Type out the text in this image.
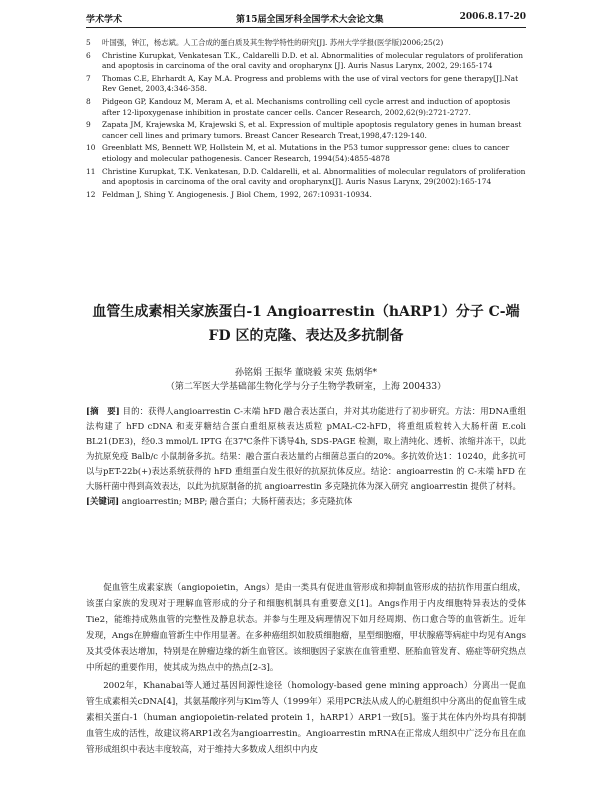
学术学术	第15届全国牙科全国学术大会论文集	2006.8.17-20
5	叶国强，钟江，杨志斌。人工合成的蛋白质及其生物学特性的研究[J]. 苏州大学学报(医学版)2006;25(2)
6	Christine Kurupkat, Venkatesan T.K., Caldarelli D.D. et al. Abnormalities of molecular regulators of proliferation and apoptosis in carcinoma of the oral cavity and oropharynx [J]. Auris Nasus Larynx, 2002, 29:165-174
7	Thomas C.E, Ehrhardt A, Kay M.A. Progress and problems with the use of viral vectors for gene therapy[J].Nat Rev Genet, 2003,4:346-358.
8	Pidgeon GP, Kandouz M, Meram A, et al. Mechanisms controlling cell cycle arrest and induction of apoptosis after 12-lipoxygenase inhibition in prostate cancer cells. Cancer Research, 2002,62(9):2721-2727.
9	Zapata JM, Krajewska M, Krajewski S, et al. Expression of multiple apoptosis regulatory genes in human breast cancer cell lines and primary tumors. Breast Cancer Research Treat,1998,47:129-140.
10 Greenblatt MS, Bennett WP, Hollstein M, et al. Mutations in the P53 tumor suppressor gene: clues to cancer etiology and molecular pathogenesis. Cancer Research, 1994(54):4855-4878
11 Christine Kurupkat, T.K. Venkatesan, D.D. Caldarelli, et al. Abnormalities of molecular regulators of proliferation and apoptosis in carcinoma of the oral cavity and oropharynx[J]. Auris Nasus Larynx, 29(2002):165-174
12 Feldman J, Shing Y. Angiogenesis. J Biol Chem, 1992, 267:10931-10934.
血管生成素相关家族蛋白-1 Angioarrestin（hARP1）分子 C-端 FD 区的克隆、表达及多抗制备
孙铭娟 王振华 董晓毅 宋英 焦炳华*
（第二军医大学基础部生物化学与分子生物学教研室，上海 200433）
[摘　要] 目的：获得人angioarrestin C-末端 hFD 融合表达蛋白，并对其功能进行了初步研究。方法：用DNA重组法构建了 hFD cDNA 和麦芽糖结合蛋白重组原核表达质粒 pMAL-C2-hFD，将重组质粒转入大肠杆菌 E.coli BL21(DE3)，经0.3 mmol/L IPTG 在37℃条件下诱导4h, SDS-PAGE 检测，取上清纯化、透析、浓缩并冻干，以此为抗原免疫 Balb/c 小鼠制备多抗。结果：融合蛋白表达量约占细菌总蛋白的20%。多抗效价达1：10240，此多抗可以与pET-22b(+)表达系统获得的 hFD 重组蛋白发生很好的抗原抗体反应。结论：angioarrestin 的 C-末端 hFD 在大肠杆菌中得到高效表达，以此为抗原制备的抗 angioarrestin 多克隆抗体为深入研究 angioarrestin 提供了材料。
[关键词] angioarrestin; MBP; 融合蛋白；大肠杆菌表达；多克隆抗体

促血管生成素家族（angiopoietin，Angs）是由一类具有促进血管形成和抑制血管形成的拮抗作用蛋白组成，该蛋白家族的发现对于理解血管形成的分子和细胞机制具有重要意义[1]。Angs作用于内皮细胞特异表达的受体Tie2，能维持成熟血管的完整性及静息状态。并参与生理及病理情况下如月经周期、伤口愈合等的血管新生。近年发现，Angs在肿瘤血管新生中作用显著。在多种癌组织如胶质细胞瘤，星型细胞瘤，甲状腺癌等病症中均见有Angs及其受体表达增加，特别是在肿瘤边缘的新生血管区。该细胞因子家族在血管重塑、胚胎血管发育、癌症等研究热点中所起的重要作用，使其成为热点中的热点[2-3]。

2002年，Khanabai等人通过基因间源性途径（homology-based gene mining approach）分离出一促血管生成素相关cDNA[4]，其氨基酸序列与Kim等人（1999年）采用PCR法从成人的心脏组织中分离出的促血管生成素相关蛋白-1（human angiopoietin-related protein 1，hARP1）ARP1一致[5]。鉴于其在体内外均具有抑制血管生成的活性，故建议将ARP1改名为angioarrestin。Angioarrestin mRNA在正常成人组织中广泛分布且在血管形成组织中表达丰度较高，对于维持大多数成人组织中内皮
